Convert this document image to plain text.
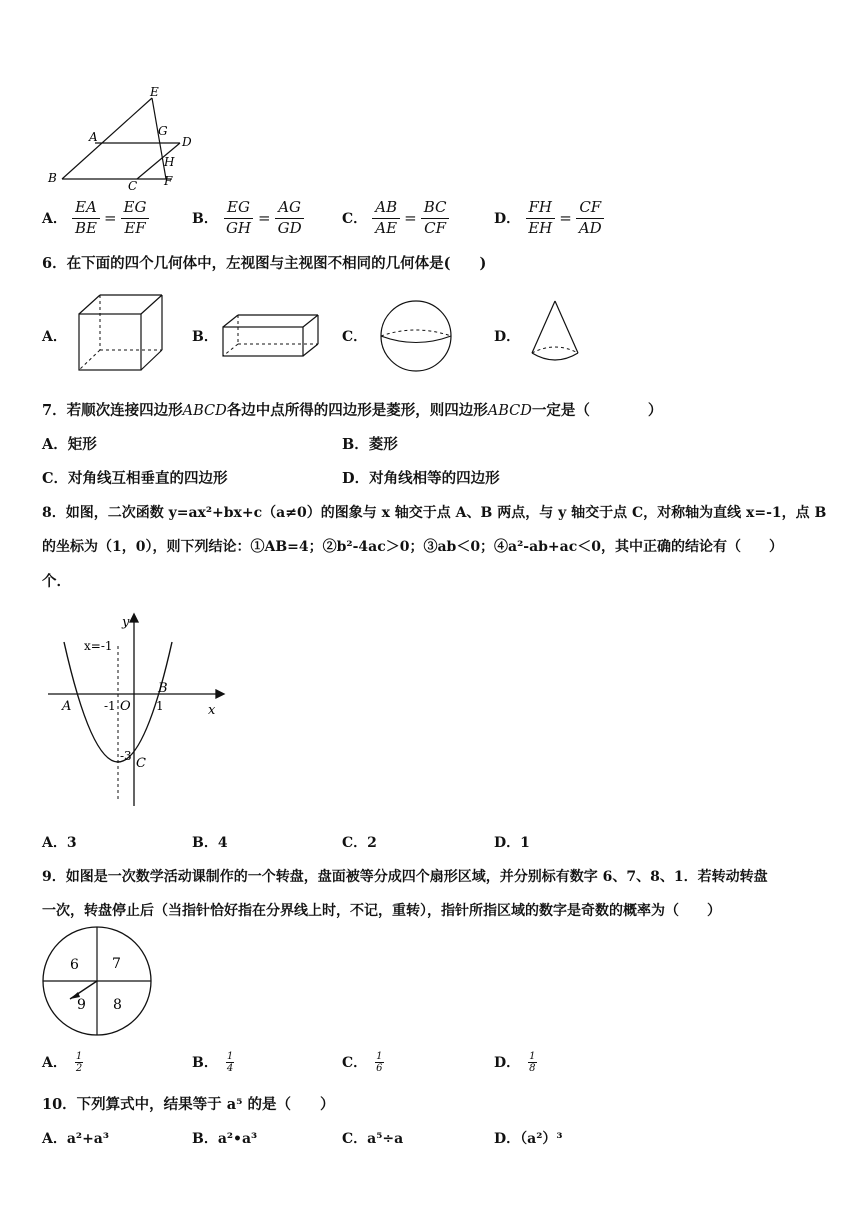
E
A	G
D
H
B
C F
A． $\frac{EA}{BE} = \frac{EG}{EF}$	B． $\frac{EG}{GH} = \frac{AG}{GD}$	C． $\frac{AB}{AE} = \frac{BC}{CF}$	D． $\frac{FH}{EH} = \frac{CF}{AD}$
6．在下面的四个几何体中，左视图与主视图不相同的几何体是(　　)
A．	B．	C．	D．
7．若顺次连接四边形ABCD各边中点所得的四边形是菱形，则四边形ABCD一定是（　　　　）
A．矩形	B．菱形
C．对角线互相垂直的四边形	D．对角线相等的四边形
8．如图，二次函数 y=ax²+bx+c（a≠0）的图象与 x 轴交于点 A、B 两点，与 y 轴交于点 C，对称轴为直线 x=-1，点 B
的坐标为（1，0），则下列结论：①AB=4；②b²-4ac＞0；③ab＜0；④a²-ab+ac＜0，其中正确的结论有（　　）
个．
y
x
x=-1
B
A	-1 O 1
-3 C
A．3	B．4	C．2	D．1
9．如图是一次数学活动课制作的一个转盘，盘面被等分成四个扇形区域，并分别标有数字 6、7、8、1．若转动转盘
一次，转盘停止后（当指针恰好指在分界线上时，不记，重转），指针所指区域的数字是奇数的概率为（　　）
6 7
9 8
A． $\frac{1}{2}$	B． $\frac{1}{4}$	C． $\frac{1}{6}$	D． $\frac{1}{8}$
10．下列算式中，结果等于 a⁵ 的是（　　）
A．a²+a³	B．a²•a³	C．a⁵÷a	D．（a²）³
